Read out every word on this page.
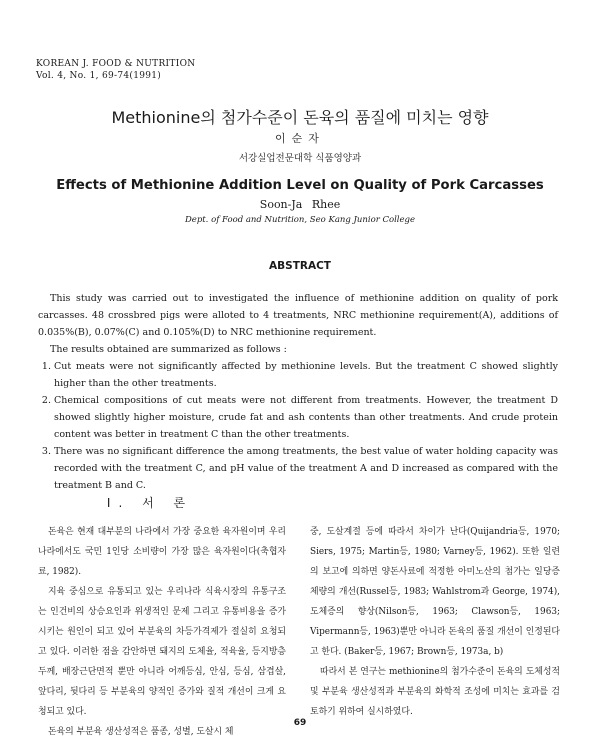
KOREAN J. FOOD & NUTRITION
Vol. 4, No. 1, 69-74(1991)
Methionine의 첨가수준이 돈육의 품질에 미치는 영향
이순자
서강실업전문대학 식품영양과
Effects of Methionine Addition Level on Quality of Pork Carcasses
Soon-Ja Rhee
Dept. of Food and Nutrition, Seo Kang Junior College
ABSTRACT

This study was carried out to investigated the influence of methionine addition on quality of pork carcasses. 48 crossbred pigs were alloted to 4 treatments, NRC methionine requirement(A), additions of 0.035%(B), 0.07%(C) and 0.105%(D) to NRC methionine requirement.

The results obtained are summarized as follows :

1. Cut meats were not significantly affected by methionine levels. But the treatment C showed slightly higher than the other treatments.
2. Chemical compositions of cut meats were not different from treatments. However, the treatment D showed slightly higher moisture, crude fat and ash contents than other treatments. And crude protein content was better in treatment C than the other treatments.
3. There was no significant difference the among treatments, the best value of water holding capacity was recorded with the treatment C, and pH value of the treatment A and D increased as compared with the treatment B and C.
I. 서 론

돈육은 현재 대부분의 나라에서 가장 중요한 육자원이며 우리나라에서도 국민 1인당 소비량이 가장 많은 육자원이다(축협자료, 1982).

지육 중심으로 유통되고 있는 우리나라 식육시장의 유통구조는 인건비의 상승요인과 위생적인 문제 그리고 유통비용을 증가시키는 원인이 되고 있어 부분육의 차등가격제가 절실히 요청되고 있다. 이러한 점을 감안하면 돼지의 도체율, 적육율, 등지방층 두께, 배장근단면적 뿐만 아니라 어깨등심, 안심, 등심, 삼겹살, 앞다리, 뒷다리 등 부분육의 양적인 증가와 질적 개선이 크게 요청되고 있다.

돈육의 부분육 생산성적은 품종, 성별, 도살시 체

중, 도살계절 등에 따라서 차이가 난다(Quijandria등, 1970; Siers, 1975; Martin등, 1980; Varney등, 1962). 또한 일련의 보고에 의하면 양돈사료에 적정한 아미노산의 첨가는 일당증체량의 개선(Russel등, 1983; Wahlstrom과 George, 1974), 도체증의 향상(Nilson등, 1963; Clawson등, 1963; Vipermann등, 1963)뿐만 아니라 돈육의 품질 개선이 인정된다고 한다. (Baker등, 1967; Brown등, 1973a, b)

따라서 본 연구는 methionine의 첨가수준이 돈육의 도체성적 및 부분육 생산성적과 부분육의 화학적 조성에 미치는 효과를 검토하기 위하여 실시하였다.

69
